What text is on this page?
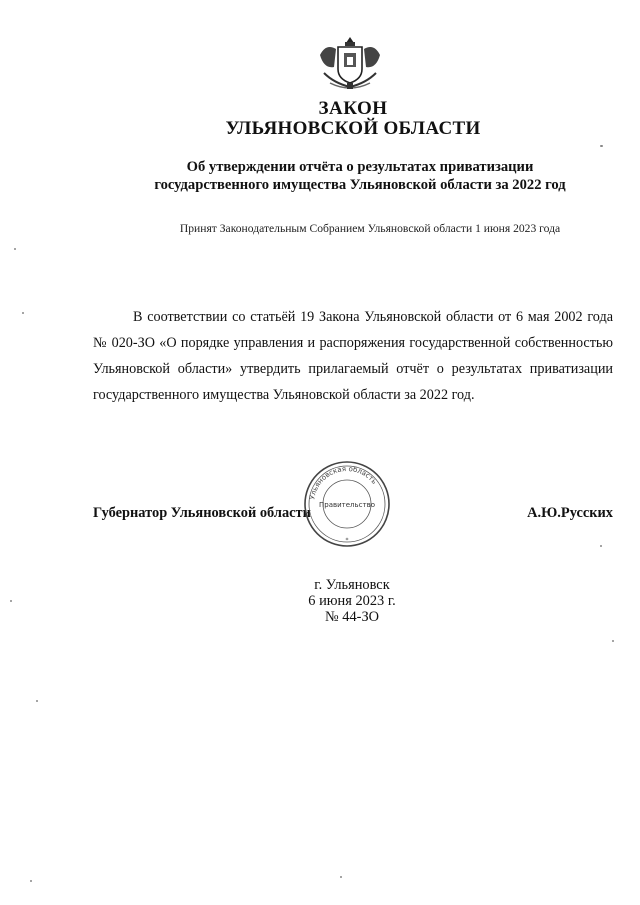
ЗАКОН
УЛЬЯНОВСКОЙ ОБЛАСТИ
Об утверждении отчёта о результатах приватизации
государственного имущества Ульяновской области за 2022 год
Принят Законодательным Собранием Ульяновской области 1 июня 2023 года
В соответствии со статьёй 19 Закона Ульяновской области от 6 мая 2002 года № 020-ЗО «О порядке управления и распоряжения государственной собственностью Ульяновской области» утвердить прилагаемый отчёт о результатах приватизации государственного имущества Ульяновской области за 2022 год.
Губернатор Ульяновской области	А.Ю.Русских
Ульяновская область
Правительство
*
г. Ульяновск
6 июня 2023 г.
№ 44-ЗО
